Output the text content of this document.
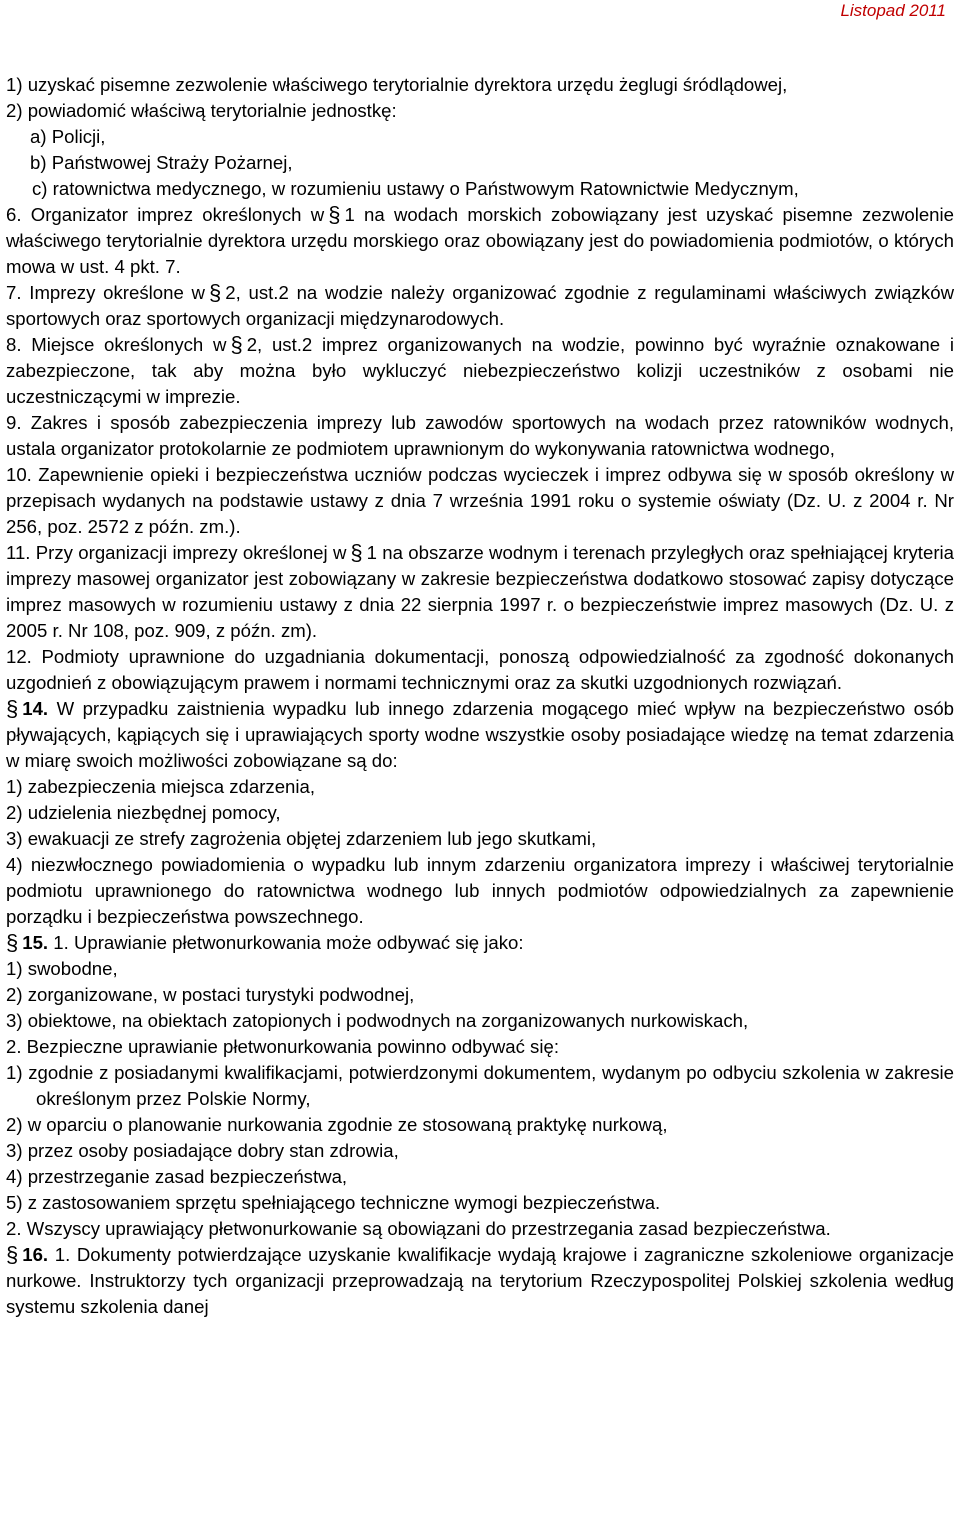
Listopad 2011

1) uzyskać pisemne zezwolenie właściwego terytorialnie dyrektora urzędu żeglugi śródlądowej,

2) powiadomić właściwą terytorialnie jednostkę:

a) Policji,

b) Państwowej Straży Pożarnej,

c) ratownictwa medycznego, w rozumieniu ustawy o Państwowym Ratownictwie Medycznym,

6. Organizator imprez określonych w § 1 na wodach morskich zobowiązany jest uzyskać pisemne zezwolenie właściwego terytorialnie dyrektora urzędu morskiego oraz obowiązany jest do powiadomienia podmiotów, o których mowa w ust. 4 pkt. 7.

7. Imprezy określone w § 2, ust.2 na wodzie należy organizować zgodnie z regulaminami właściwych związków sportowych oraz sportowych organizacji międzynarodowych.

8. Miejsce określonych w § 2, ust.2 imprez organizowanych na wodzie, powinno być wyraźnie oznakowane i zabezpieczone, tak aby można było wykluczyć niebezpieczeństwo kolizji uczestników z osobami nie uczestniczącymi w imprezie.

9. Zakres i sposób zabezpieczenia imprezy lub zawodów sportowych na wodach przez ratowników wodnych, ustala organizator protokolarnie ze podmiotem uprawnionym do wykonywania ratownictwa wodnego,

10. Zapewnienie opieki i bezpieczeństwa uczniów podczas wycieczek i imprez odbywa się w sposób określony w przepisach wydanych na podstawie ustawy z dnia 7 września 1991 roku o systemie oświaty (Dz. U. z 2004 r. Nr 256, poz. 2572 z późn. zm.).

11. Przy organizacji imprezy określonej w § 1 na obszarze wodnym i terenach przyległych oraz spełniającej kryteria imprezy masowej organizator jest zobowiązany w zakresie bezpieczeństwa dodatkowo stosować zapisy dotyczące imprez masowych w rozumieniu ustawy z dnia 22 sierpnia 1997 r. o bezpieczeństwie imprez masowych (Dz. U. z 2005 r. Nr 108, poz. 909, z późn. zm).

12. Podmioty uprawnione do uzgadniania dokumentacji, ponoszą odpowiedzialność za zgodność dokonanych uzgodnień z obowiązującym prawem i normami technicznymi oraz za skutki uzgodnionych rozwiązań.

§ 14. W przypadku zaistnienia wypadku lub innego zdarzenia mogącego mieć wpływ na bezpieczeństwo osób pływających, kąpiących się i uprawiających sporty wodne wszystkie osoby posiadające wiedzę na temat zdarzenia w miarę swoich możliwości zobowiązane są do:

1) zabezpieczenia miejsca zdarzenia,

2) udzielenia niezbędnej pomocy,

3) ewakuacji ze strefy zagrożenia objętej zdarzeniem lub jego skutkami,

4) niezwłocznego powiadomienia o wypadku lub innym zdarzeniu organizatora imprezy i właściwej terytorialnie podmiotu uprawnionego do ratownictwa wodnego lub innych podmiotów odpowiedzialnych za zapewnienie porządku i bezpieczeństwa powszechnego.

§ 15. 1. Uprawianie płetwonurkowania może odbywać się jako:

1) swobodne,

2) zorganizowane, w postaci turystyki podwodnej,

3) obiektowe, na obiektach zatopionych i podwodnych na zorganizowanych nurkowiskach,

2. Bezpieczne uprawianie płetwonurkowania powinno odbywać się:

1) zgodnie z posiadanymi kwalifikacjami, potwierdzonymi dokumentem, wydanym po odbyciu szkolenia w zakresie określonym przez Polskie Normy,

2) w oparciu o planowanie nurkowania zgodnie ze stosowaną praktykę nurkową,

3) przez osoby posiadające dobry stan zdrowia,

4) przestrzeganie zasad bezpieczeństwa,

5) z zastosowaniem sprzętu spełniającego techniczne wymogi bezpieczeństwa.

2. Wszyscy uprawiający płetwonurkowanie są obowiązani do przestrzegania zasad bezpieczeństwa.

§ 16. 1. Dokumenty potwierdzające uzyskanie kwalifikacje wydają krajowe i zagraniczne szkoleniowe organizacje nurkowe. Instruktorzy tych organizacji przeprowadzają na terytorium Rzeczypospolitej Polskiej szkolenia według systemu szkolenia danej
